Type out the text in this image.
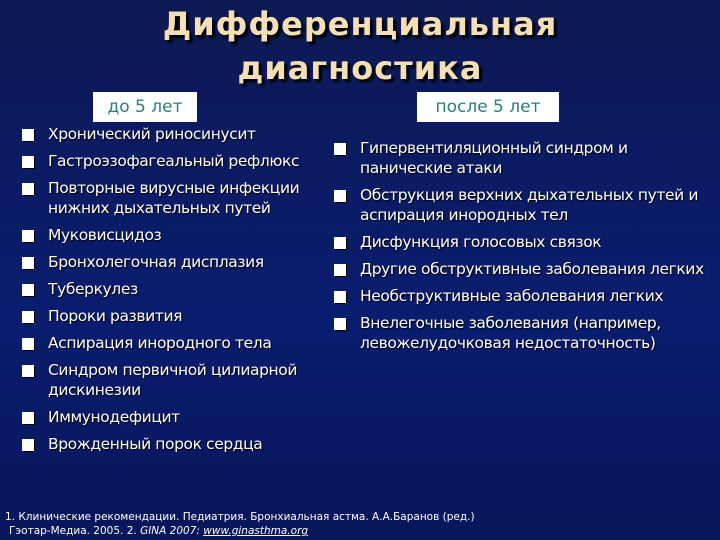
Дифференциальная
диагностика
до 5 лет	после 5 лет
Хронический риносинусит
Гастроэзофагеальный рефлюкс
Повторные вирусные инфекции нижних дыхательных путей
Муковисцидоз
Бронхолегочная дисплазия
Туберкулез
Пороки развития
Аспирация инородного тела
Синдром первичной цилиарной дискинезии
Иммунодефицит
Врожденный порок сердца
Гипервентиляционный синдром и панические атаки
Обструкция верхних дыхательных путей и аспирация инородных тел
Дисфункция голосовых связок
Другие обструктивные заболевания легких
Необструктивные заболевания легких
Внелегочные заболевания (например, левожелудочковая недостаточность)
1. Клинические рекомендации. Педиатрия. Бронхиальная астма. А.А.Баранов (ред.)
Гэотар-Медиа. 2005. 2. GINA 2007: www.ginasthma.org
